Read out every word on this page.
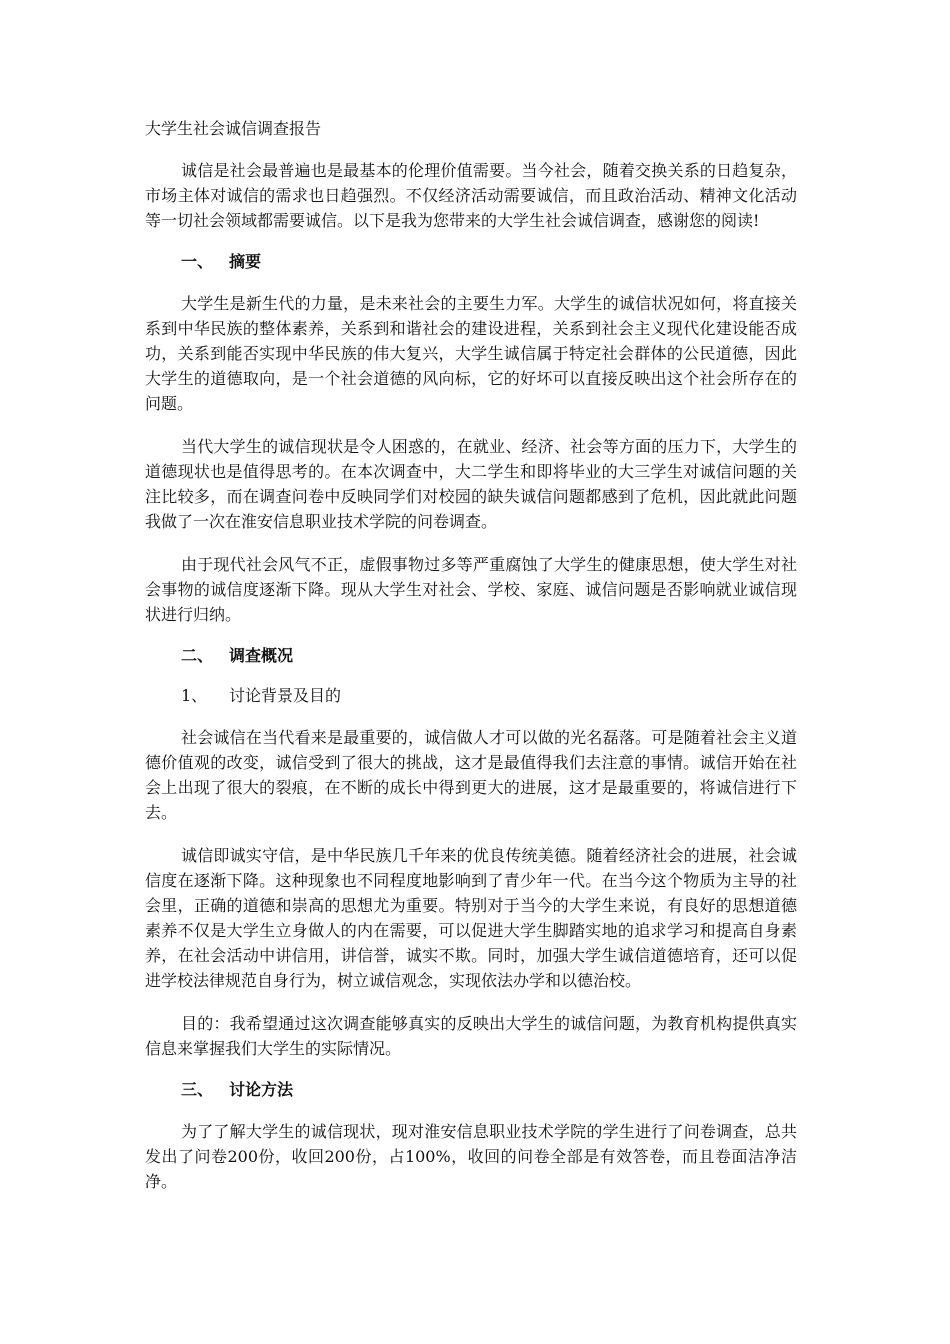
大学生社会诚信调查报告

诚信是社会最普遍也是最基本的伦理价值需要。当今社会，随着交换关系的日趋复杂，市场主体对诚信的需求也日趋强烈。不仅经济活动需要诚信，而且政治活动、精神文化活动等一切社会领域都需要诚信。以下是我为您带来的大学生社会诚信调查，感谢您的阅读!

一、 摘要

大学生是新生代的力量，是未来社会的主要生力军。大学生的诚信状况如何，将直接关系到中华民族的整体素养，关系到和谐社会的建设进程，关系到社会主义现代化建设能否成功，关系到能否实现中华民族的伟大复兴，大学生诚信属于特定社会群体的公民道德，因此大学生的道德取向，是一个社会道德的风向标，它的好坏可以直接反映出这个社会所存在的问题。

当代大学生的诚信现状是令人困惑的，在就业、经济、社会等方面的压力下，大学生的道德现状也是值得思考的。在本次调查中，大二学生和即将毕业的大三学生对诚信问题的关注比较多，而在调查问卷中反映同学们对校园的缺失诚信问题都感到了危机，因此就此问题我做了一次在淮安信息职业技术学院的问卷调查。

由于现代社会风气不正，虚假事物过多等严重腐蚀了大学生的健康思想，使大学生对社会事物的诚信度逐渐下降。现从大学生对社会、学校、家庭、诚信问题是否影响就业诚信现状进行归纳。

二、 调查概况
1、 讨论背景及目的

社会诚信在当代看来是最重要的，诚信做人才可以做的光名磊落。可是随着社会主义道德价值观的改变，诚信受到了很大的挑战，这才是最值得我们去注意的事情。诚信开始在社会上出现了很大的裂痕，在不断的成长中得到更大的进展，这才是最重要的，将诚信进行下去。

诚信即诚实守信，是中华民族几千年来的优良传统美德。随着经济社会的进展，社会诚信度在逐渐下降。这种现象也不同程度地影响到了青少年一代。在当今这个物质为主导的社会里，正确的道德和崇高的思想尤为重要。特别对于当今的大学生来说，有良好的思想道德素养不仅是大学生立身做人的内在需要，可以促进大学生脚踏实地的追求学习和提高自身素养，在社会活动中讲信用，讲信誉，诚实不欺。同时，加强大学生诚信道德培育，还可以促进学校法律规范自身行为，树立诚信观念，实现依法办学和以德治校。

目的：我希望通过这次调查能够真实的反映出大学生的诚信问题，为教育机构提供真实信息来掌握我们大学生的实际情况。

三、 讨论方法

为了了解大学生的诚信现状，现对淮安信息职业技术学院的学生进行了问卷调查，总共发出了问卷200份，收回200份，占100%，收回的问卷全部是有效答卷，而且卷面洁净洁净。
